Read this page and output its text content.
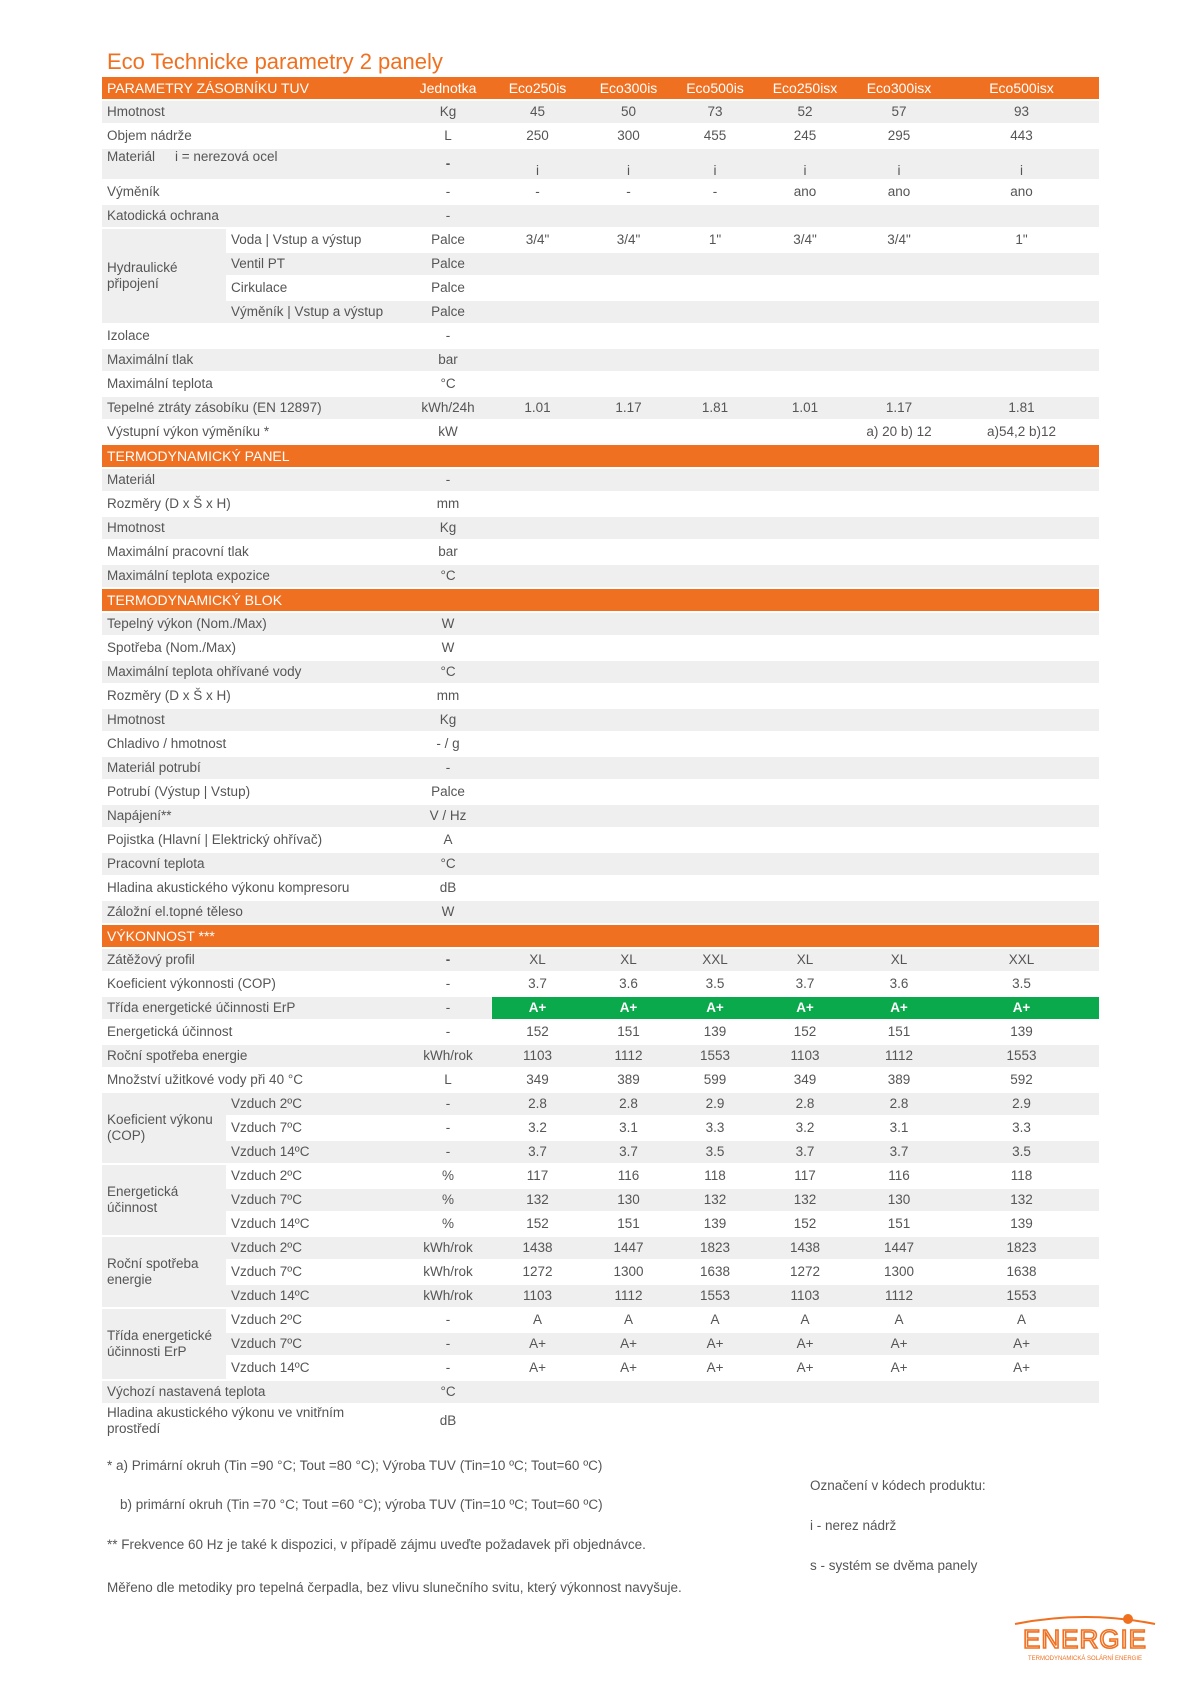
Eco Technicke parametry 2 panely
PARAMETRY ZÁSOBNÍKU TUV		Jednotka	Eco250is	Eco300is	Eco500is	Eco250isx	Eco300isx	Eco500isx
Hmotnost		Kg	45	50	73	52	57	93
Objem nádrže		L	250	300	455	245	295	443
Materiál i = nerezová ocel		-	i	i	i	i	i	i
Výměník		-	-	-	-	ano	ano	ano
Katodická ochrana		-						
Hydraulické připojení	Voda | Vstup a výstup	Palce	3/4"	3/4"	1"	3/4"	3/4"	1"
	Ventil PT	Palce						
	Cirkulace	Palce						
	Výměník | Vstup a výstup	Palce						
Izolace		-						
Maximální tlak		bar						
Maximální teplota		°C						
Tepelné ztráty zásobíku (EN 12897)		kWh/24h	1.01	1.17	1.81	1.01	1.17	1.81
Výstupní výkon výměníku *		kW					a) 20 b) 12	a)54,2 b)12
TERMODYNAMICKÝ PANEL								
Materiál		-						
Rozměry (D x Š x H)		mm						
Hmotnost		Kg						
Maximální pracovní tlak		bar						
Maximální teplota expozice		°C						
TERMODYNAMICKÝ BLOK								
Tepelný výkon (Nom./Max)		W						
Spotřeba (Nom./Max)		W						
Maximální teplota ohřívané vody		°C						
Rozměry (D x Š x H)		mm						
Hmotnost		Kg						
Chladivo / hmotnost		- / g						
Materiál potrubí		-						
Potrubí (Výstup | Vstup)		Palce						
Napájení**		V / Hz						
Pojistka (Hlavní | Elektrický ohřívač)		A						
Pracovní teplota		°C						
Hladina akustického výkonu kompresoru		dB						
Záložní el.topné těleso		W						
VÝKONNOST ***								
Zátěžový profil		-	XL	XL	XXL	XL	XL	XXL
Koeficient výkonnosti (COP)		-	3.7	3.6	3.5	3.7	3.6	3.5
Třída energetické účinnosti ErP		-	A+	A+	A+	A+	A+	A+
Energetická účinnost		-	152	151	139	152	151	139
Roční spotřeba energie		kWh/rok	1103	1112	1553	1103	1112	1553
Množství užitkové vody při 40 °C		L	349	389	599	349	389	592
Koeficient výkonu (COP)	Vzduch 2ºC	-	2.8	2.8	2.9	2.8	2.8	2.9
	Vzduch 7ºC	-	3.2	3.1	3.3	3.2	3.1	3.3
	Vzduch 14ºC	-	3.7	3.7	3.5	3.7	3.7	3.5
Energetická účinnost	Vzduch 2ºC	%	117	116	118	117	116	118
	Vzduch 7ºC	%	132	130	132	132	130	132
	Vzduch 14ºC	%	152	151	139	152	151	139
Roční spotřeba energie	Vzduch 2ºC	kWh/rok	1438	1447	1823	1438	1447	1823
	Vzduch 7ºC	kWh/rok	1272	1300	1638	1272	1300	1638
	Vzduch 14ºC	kWh/rok	1103	1112	1553	1103	1112	1553
Třída energetické účinnosti ErP	Vzduch 2ºC	-	A	A	A	A	A	A
	Vzduch 7ºC	-	A+	A+	A+	A+	A+	A+
	Vzduch 14ºC	-	A+	A+	A+	A+	A+	A+
Výchozí nastavená teplota		°C						
Hladina akustického výkonu ve vnitřním prostředí		dB						

* a) Primární okruh (Tin =90 °C; Tout =80 °C); Výroba TUV (Tin=10 ºC; Tout=60 ºC)

b) primární okruh (Tin =70 °C; Tout =60 °C); výroba TUV (Tin=10 ºC; Tout=60 ºC)

** Frekvence 60 Hz je také k dispozici, v případě zájmu uveďte požadavek při objednávce.

Měřeno dle metodiky pro tepelná čerpadla, bez vlivu slunečního svitu, který výkonnost navyšuje.

Označení v kódech produktu:

i - nerez nádrž

s - systém se dvěma panely

ENERGIE
TERMODYNAMICKÁ SOLÁRNÍ ENERGIE
